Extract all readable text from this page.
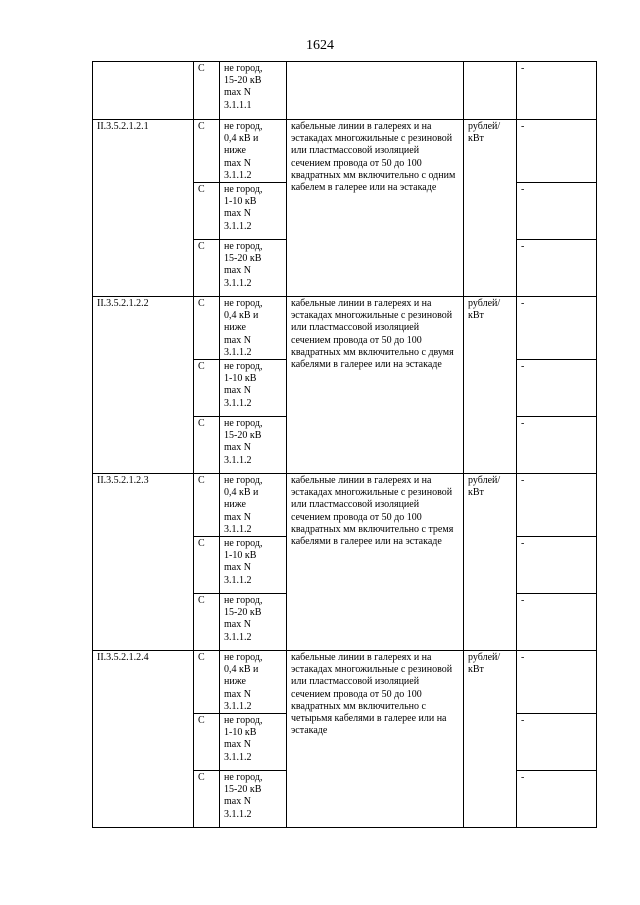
1624
	С	не город,
15-20 кВ
max N
3.1.1.1			-
II.3.5.2.1.2.1	С	не город,
0,4 кВ и
ниже
max N
3.1.1.2	кабельные линии в галереях и на эстакадах многожильные с резиновой или пластмассовой изоляцией сечением провода от 50 до 100 квадратных мм включительно с одним кабелем в галерее или на эстакаде	рублей/ кВт	-
	С	не город,
1-10 кВ
max N
3.1.1.2			-
	С	не город,
15-20 кВ
max N
3.1.1.2			-
II.3.5.2.1.2.2	С	не город,
0,4 кВ и
ниже
max N
3.1.1.2	кабельные линии в галереях и на эстакадах многожильные с резиновой или пластмассовой изоляцией сечением провода от 50 до 100 квадратных мм включительно с двумя кабелями в галерее или на эстакаде	рублей/ кВт	-
	С	не город,
1-10 кВ
max N
3.1.1.2			-
	С	не город,
15-20 кВ
max N
3.1.1.2			-
II.3.5.2.1.2.3	С	не город,
0,4 кВ и
ниже
max N
3.1.1.2	кабельные линии в галереях и на эстакадах многожильные с резиновой или пластмассовой изоляцией сечением провода от 50 до 100 квадратных мм включительно с тремя кабелями в галерее или на эстакаде	рублей/ кВт	-
	С	не город,
1-10 кВ
max N
3.1.1.2			-
	С	не город,
15-20 кВ
max N
3.1.1.2			-
II.3.5.2.1.2.4	С	не город,
0,4 кВ и
ниже
max N
3.1.1.2	кабельные линии в галереях и на эстакадах многожильные с резиновой или пластмассовой изоляцией сечением провода от 50 до 100 квадратных мм включительно с четырьмя кабелями в галерее или на эстакаде	рублей/ кВт	-
	С	не город,
1-10 кВ
max N
3.1.1.2			-
	С	не город,
15-20 кВ
max N
3.1.1.2			-
